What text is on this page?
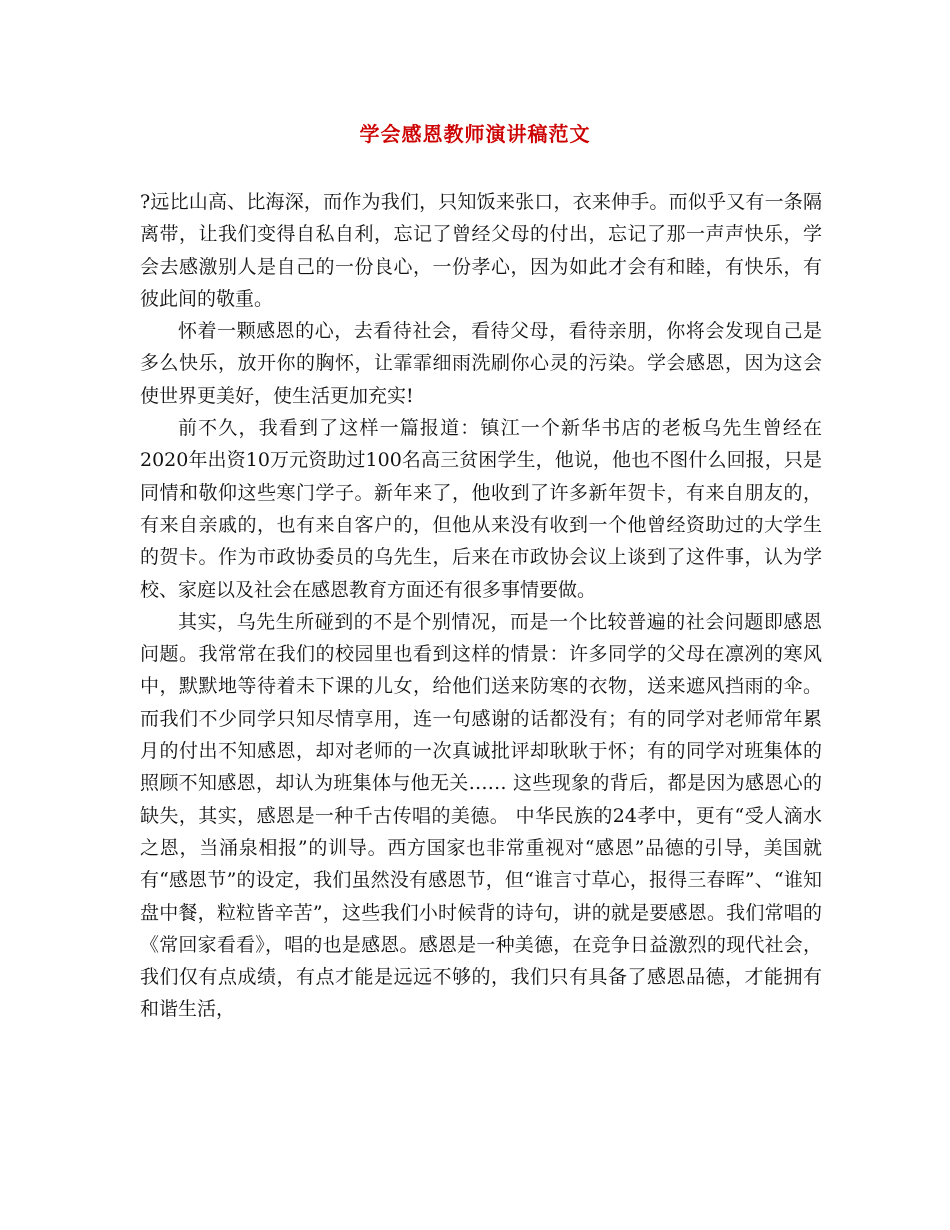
学会感恩教师演讲稿范文

?远比山高、比海深，而作为我们，只知饭来张口，衣来伸手。而似乎又有一条隔离带，让我们变得自私自利，忘记了曾经父母的付出，忘记了那一声声快乐，学会去感激别人是自己的一份良心，一份孝心，因为如此才会有和睦，有快乐，有彼此间的敬重。

怀着一颗感恩的心，去看待社会，看待父母，看待亲朋，你将会发现自己是多么快乐，放开你的胸怀，让霏霏细雨洗刷你心灵的污染。学会感恩，因为这会使世界更美好，使生活更加充实!

前不久，我看到了这样一篇报道：镇江一个新华书店的老板乌先生曾经在2020年出资10万元资助过100名高三贫困学生，他说，他也不图什么回报，只是同情和敬仰这些寒门学子。新年来了，他收到了许多新年贺卡，有来自朋友的，有来自亲戚的，也有来自客户的，但他从来没有收到一个他曾经资助过的大学生的贺卡。作为市政协委员的乌先生，后来在市政协会议上谈到了这件事，认为学校、家庭以及社会在感恩教育方面还有很多事情要做。

其实，乌先生所碰到的不是个别情况，而是一个比较普遍的社会问题即感恩问题。我常常在我们的校园里也看到这样的情景：许多同学的父母在凛冽的寒风中，默默地等待着未下课的儿女，给他们送来防寒的衣物，送来遮风挡雨的伞。而我们不少同学只知尽情享用，连一句感谢的话都没有；有的同学对老师常年累月的付出不知感恩，却对老师的一次真诚批评却耿耿于怀；有的同学对班集体的照顾不知感恩，却认为班集体与他无关…… 这些现象的背后，都是因为感恩心的缺失，其实，感恩是一种千古传唱的美德。 中华民族的24孝中，更有“受人滴水之恩，当涌泉相报”的训导。西方国家也非常重视对“感恩”品德的引导，美国就有“感恩节”的设定，我们虽然没有感恩节，但“谁言寸草心，报得三春晖”、“谁知盘中餐，粒粒皆辛苦”，这些我们小时候背的诗句，讲的就是要感恩。我们常唱的《常回家看看》，唱的也是感恩。感恩是一种美德，在竞争日益激烈的现代社会，我们仅有点成绩，有点才能是远远不够的，我们只有具备了感恩品德，才能拥有和谐生活，
